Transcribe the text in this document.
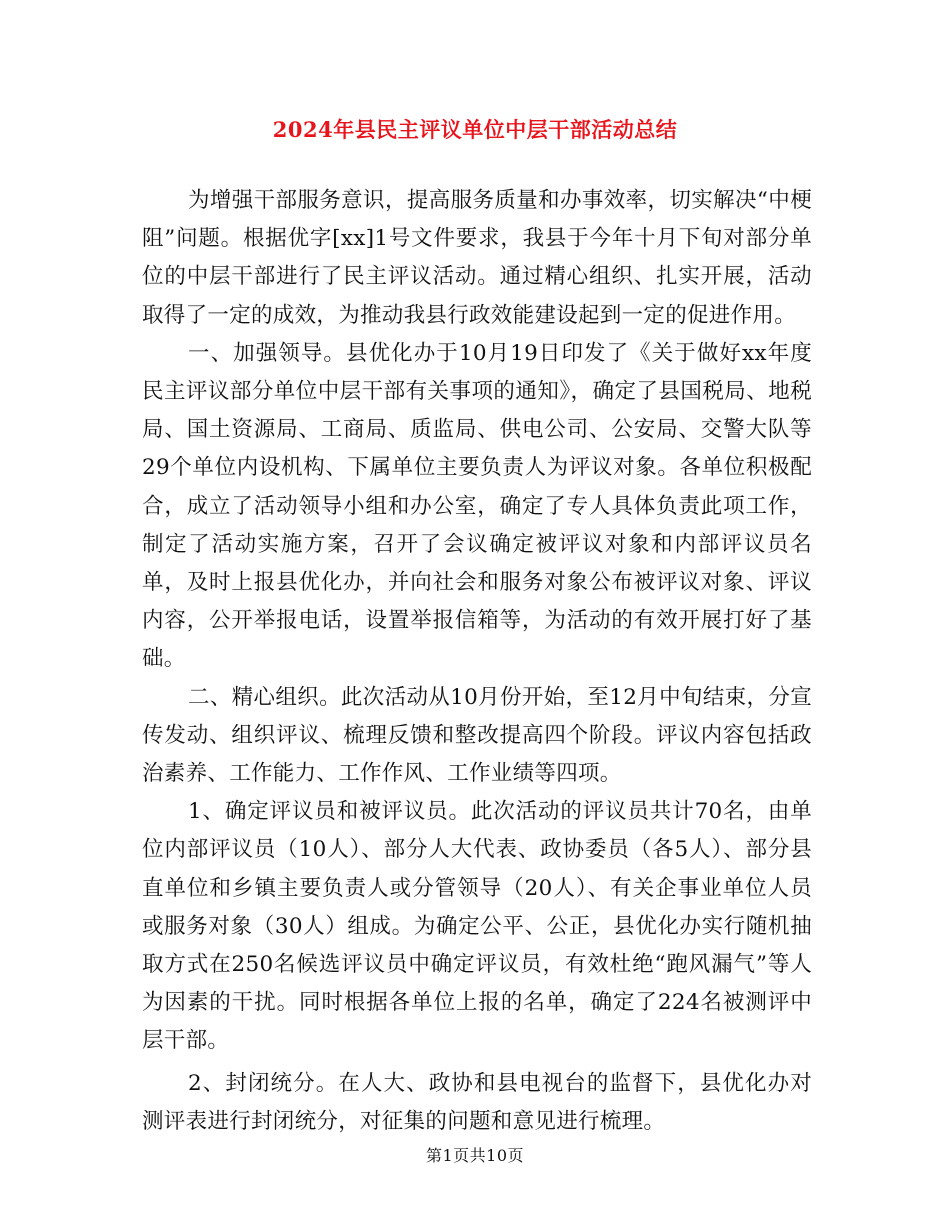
2024年县民主评议单位中层干部活动总结

为增强干部服务意识，提高服务质量和办事效率，切实解决“中梗阻”问题。根据优字[xx]1号文件要求，我县于今年十月下旬对部分单位的中层干部进行了民主评议活动。通过精心组织、扎实开展，活动取得了一定的成效，为推动我县行政效能建设起到一定的促进作用。

一、加强领导。县优化办于10月19日印发了《关于做好xx年度民主评议部分单位中层干部有关事项的通知》，确定了县国税局、地税局、国土资源局、工商局、质监局、供电公司、公安局、交警大队等29个单位内设机构、下属单位主要负责人为评议对象。各单位积极配合，成立了活动领导小组和办公室，确定了专人具体负责此项工作，制定了活动实施方案，召开了会议确定被评议对象和内部评议员名单，及时上报县优化办，并向社会和服务对象公布被评议对象、评议内容，公开举报电话，设置举报信箱等，为活动的有效开展打好了基础。

二、精心组织。此次活动从10月份开始，至12月中旬结束，分宣传发动、组织评议、梳理反馈和整改提高四个阶段。评议内容包括政治素养、工作能力、工作作风、工作业绩等四项。

1、确定评议员和被评议员。此次活动的评议员共计70名，由单位内部评议员（10人）、部分人大代表、政协委员（各5人）、部分县直单位和乡镇主要负责人或分管领导（20人）、有关企事业单位人员或服务对象（30人）组成。为确定公平、公正，县优化办实行随机抽取方式在250名候选评议员中确定评议员，有效杜绝“跑风漏气”等人为因素的干扰。同时根据各单位上报的名单，确定了224名被测评中层干部。

2、封闭统分。在人大、政协和县电视台的监督下，县优化办对测评表进行封闭统分，对征集的问题和意见进行梳理。

第1页共10页
